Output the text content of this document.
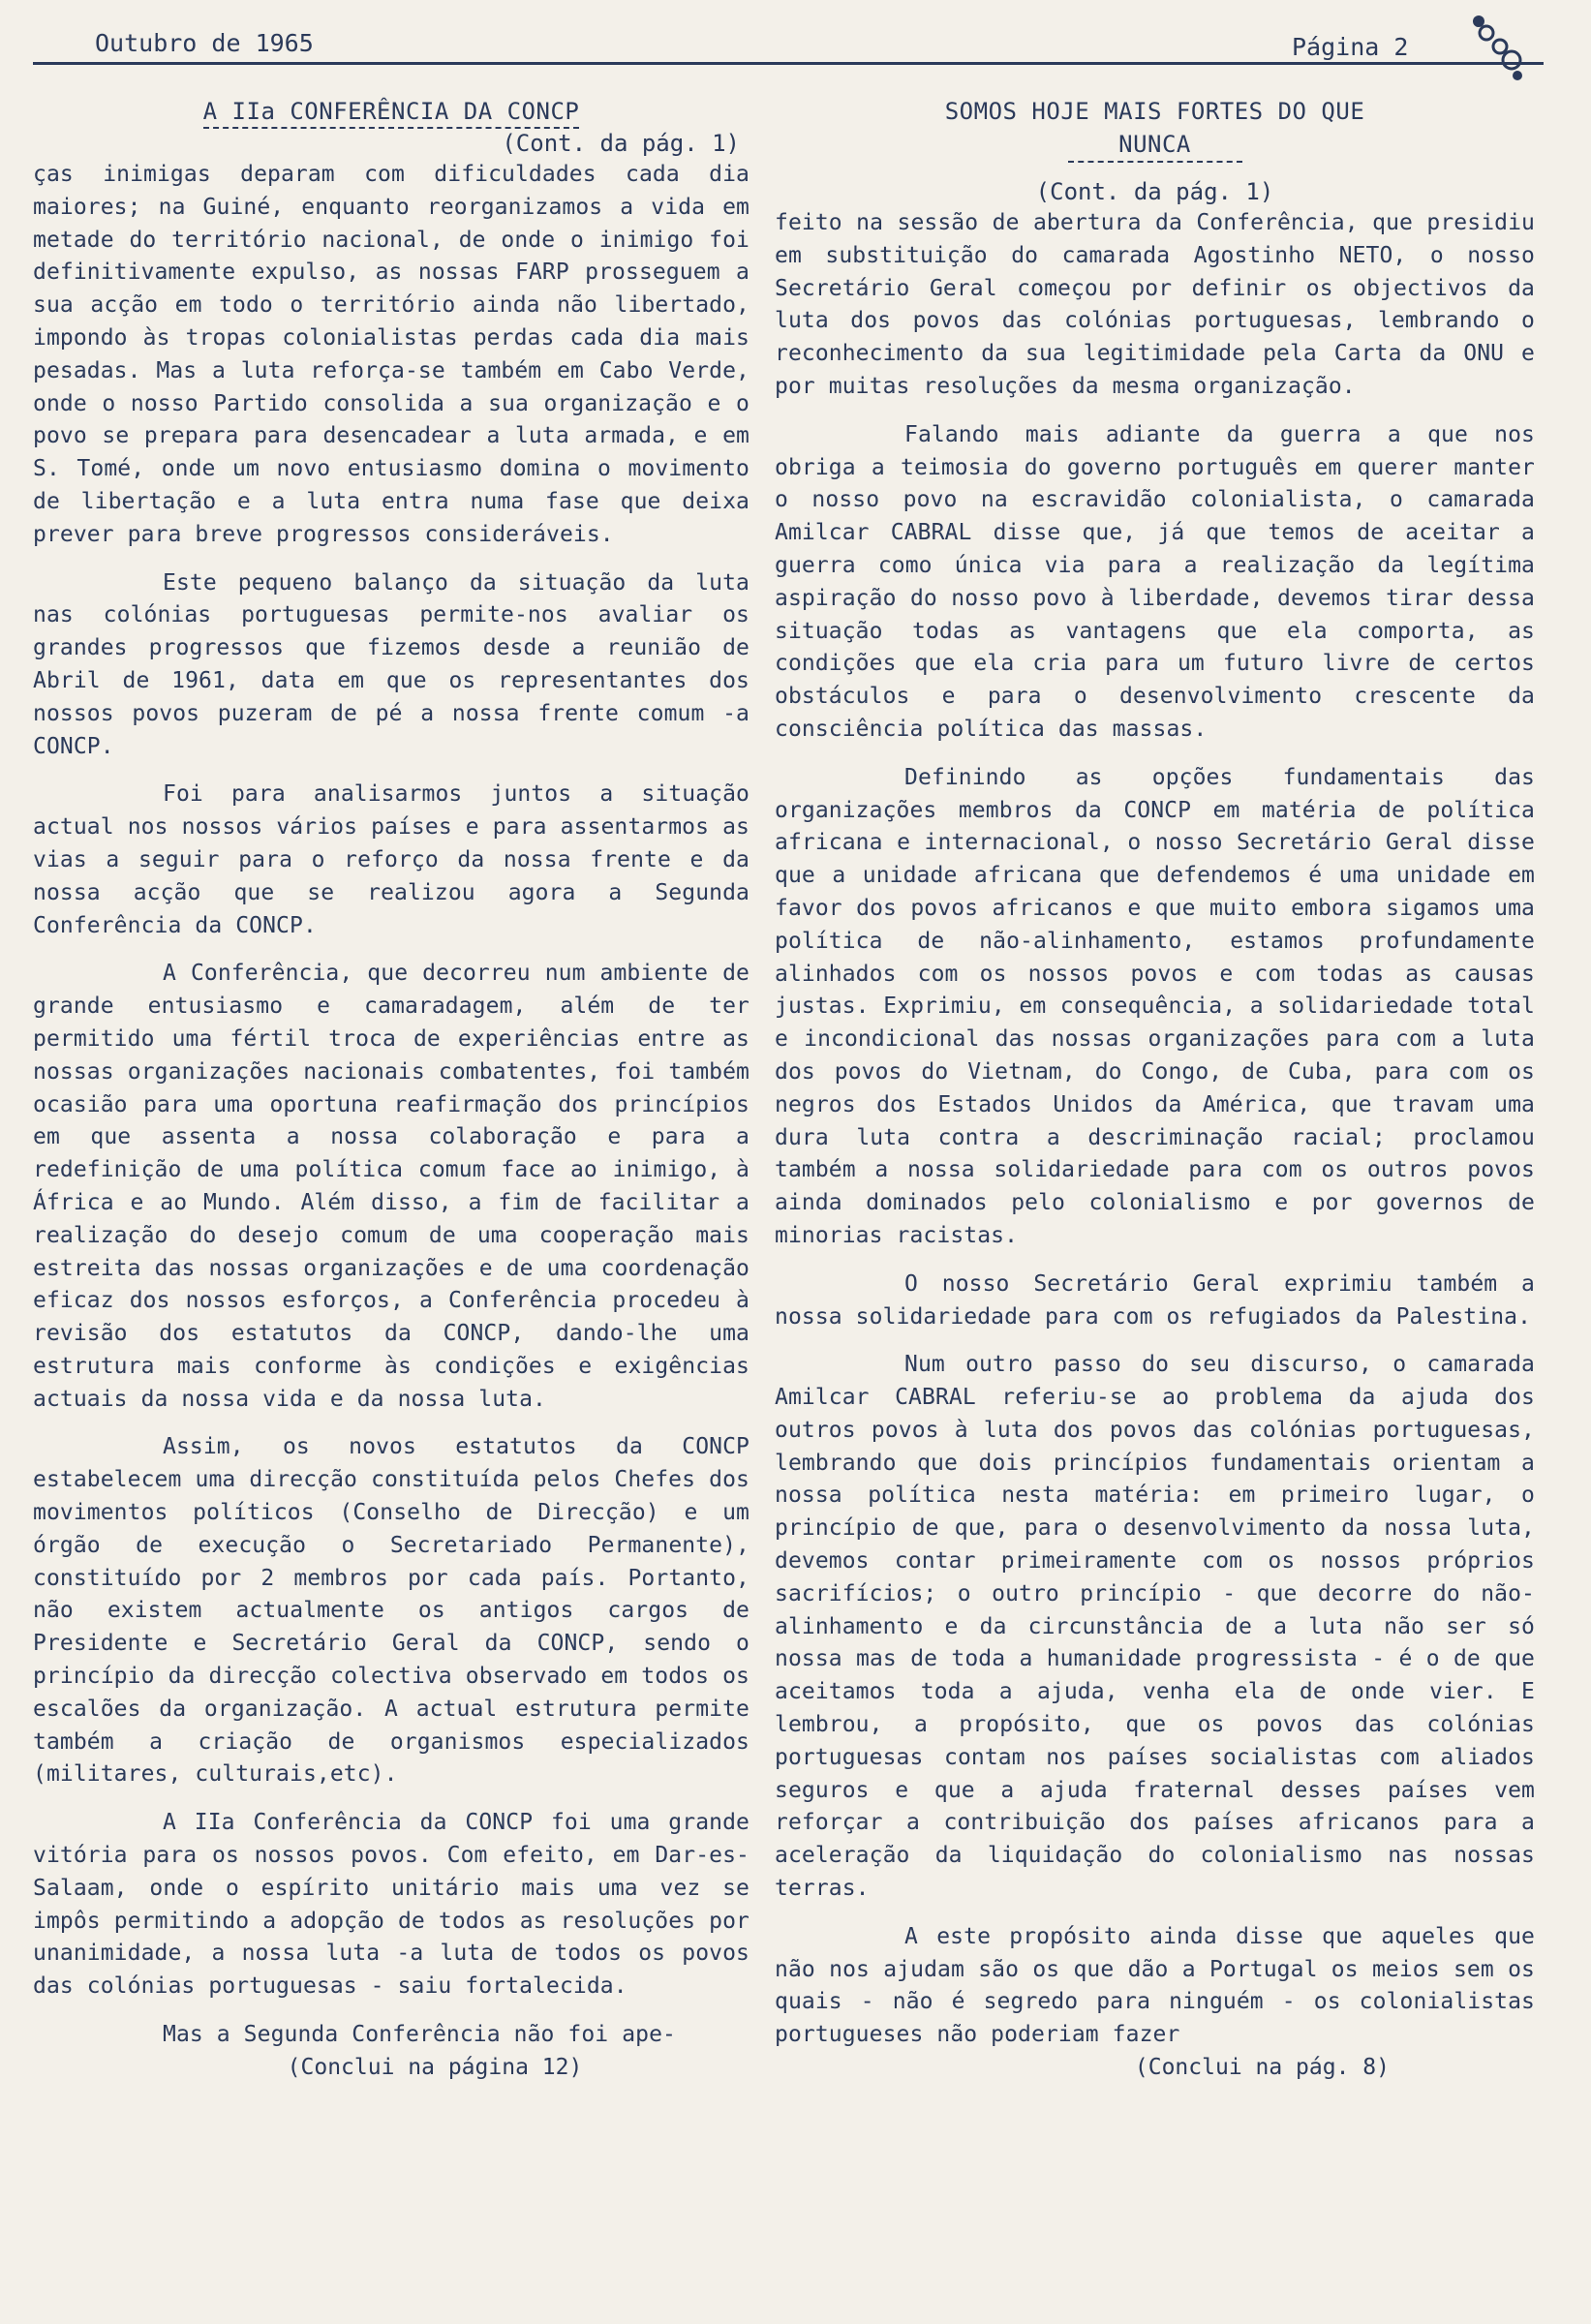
Outubro de 1965	Página 2
A IIa CONFERÊNCIA DA CONCP
(Cont. da pág. 1)

ças inimigas deparam com dificuldades cada dia maiores; na Guiné, enquanto reorganizamos a vida em metade do território nacional, de onde o inimigo foi definitivamente expulso, as nossas FARP prosseguem a sua acção em todo o território ainda não libertado, impondo às tropas colonialistas perdas cada dia mais pesadas. Mas a luta reforça-se também em Cabo Verde, onde o nosso Partido consolida a sua organização e o povo se prepara para desencadear a luta armada, e em S. Tomé, onde um novo entusiasmo domina o movimento de libertação e a luta entra numa fase que deixa prever para breve progressos consideráveis.

Este pequeno balanço da situação da luta nas colónias portuguesas permite-nos avaliar os grandes progressos que fizemos desde a reunião de Abril de 1961, data em que os representantes dos nossos povos puzeram de pé a nossa frente comum -a CONCP.

Foi para analisarmos juntos a situação actual nos nossos vários países e para assentarmos as vias a seguir para o reforço da nossa frente e da nossa acção que se realizou agora a Segunda Conferência da CONCP.

A Conferência, que decorreu num ambiente de grande entusiasmo e camaradagem, além de ter permitido uma fértil troca de experiências entre as nossas organizações nacionais combatentes, foi também ocasião para uma oportuna reafirmação dos princípios em que assenta a nossa colaboração e para a redefinição de uma política comum face ao inimigo, à África e ao Mundo. Além disso, a fim de facilitar a realização do desejo comum de uma cooperação mais estreita das nossas organizações e de uma coordenação eficaz dos nossos esforços, a Conferência procedeu à revisão dos estatutos da CONCP, dando-lhe uma estrutura mais conforme às condições e exigências actuais da nossa vida e da nossa luta.

Assim, os novos estatutos da CONCP estabelecem uma direcção constituída pelos Chefes dos movimentos políticos (Conselho de Direcção) e um órgão de execução o Secretariado Permanente), constituído por 2 membros por cada país. Portanto, não existem actualmente os antigos cargos de Presidente e Secretário Geral da CONCP, sendo o princípio da direcção colectiva observado em todos os escalões da organização. A actual estrutura permite também a criação de organismos especializados (militares, culturais,etc).

A IIa Conferência da CONCP foi uma grande vitória para os nossos povos. Com efeito, em Dar-es-Salaam, onde o espírito unitário mais uma vez se impôs permitindo a adopção de todos as resoluções por unanimidade, a nossa luta -a luta de todos os povos das colónias portuguesas - saiu fortalecida.

Mas a Segunda Conferência não foi ape-

(Conclui na página 12)
SOMOS HOJE MAIS FORTES DO QUE
NUNCA
(Cont. da pág. 1)

feito na sessão de abertura da Conferência, que presidiu em substituição do camarada Agostinho NETO, o nosso Secretário Geral começou por definir os objectivos da luta dos povos das colónias portuguesas, lembrando o reconhecimento da sua legitimidade pela Carta da ONU e por muitas resoluções da mesma organização.

Falando mais adiante da guerra a que nos obriga a teimosia do governo português em querer manter o nosso povo na escravidão colonialista, o camarada Amilcar CABRAL disse que, já que temos de aceitar a guerra como única via para a realização da legítima aspiração do nosso povo à liberdade, devemos tirar dessa situação todas as vantagens que ela comporta, as condições que ela cria para um futuro livre de certos obstáculos e para o desenvolvimento crescente da consciência política das massas.

Definindo as opções fundamentais das organizações membros da CONCP em matéria de política africana e internacional, o nosso Secretário Geral disse que a unidade africana que defendemos é uma unidade em favor dos povos africanos e que muito embora sigamos uma política de não-alinhamento, estamos profundamente alinhados com os nossos povos e com todas as causas justas. Exprimiu, em consequência, a solidariedade total e incondicional das nossas organizações para com a luta dos povos do Vietnam, do Congo, de Cuba, para com os negros dos Estados Unidos da América, que travam uma dura luta contra a descriminação racial; proclamou também a nossa solidariedade para com os outros povos ainda dominados pelo colonialismo e por governos de minorias racistas.

O nosso Secretário Geral exprimiu também a nossa solidariedade para com os refugiados da Palestina.

Num outro passo do seu discurso, o camarada Amilcar CABRAL referiu-se ao problema da ajuda dos outros povos à luta dos povos das colónias portuguesas, lembrando que dois princípios fundamentais orientam a nossa política nesta matéria: em primeiro lugar, o princípio de que, para o desenvolvimento da nossa luta, devemos contar primeiramente com os nossos próprios sacrifícios; o outro princípio - que decorre do não-alinhamento e da circunstância de a luta não ser só nossa mas de toda a humanidade progressista - é o de que aceitamos toda a ajuda, venha ela de onde vier. E lembrou, a propósito, que os povos das colónias portuguesas contam nos países socialistas com aliados seguros e que a ajuda fraternal desses países vem reforçar a contribuição dos países africanos para a aceleração da liquidação do colonialismo nas nossas terras.

A este propósito ainda disse que aqueles que não nos ajudam são os que dão a Portugal os meios sem os quais - não é segredo para ninguém - os colonialistas portugueses não poderiam fazer

(Conclui na pág. 8)
